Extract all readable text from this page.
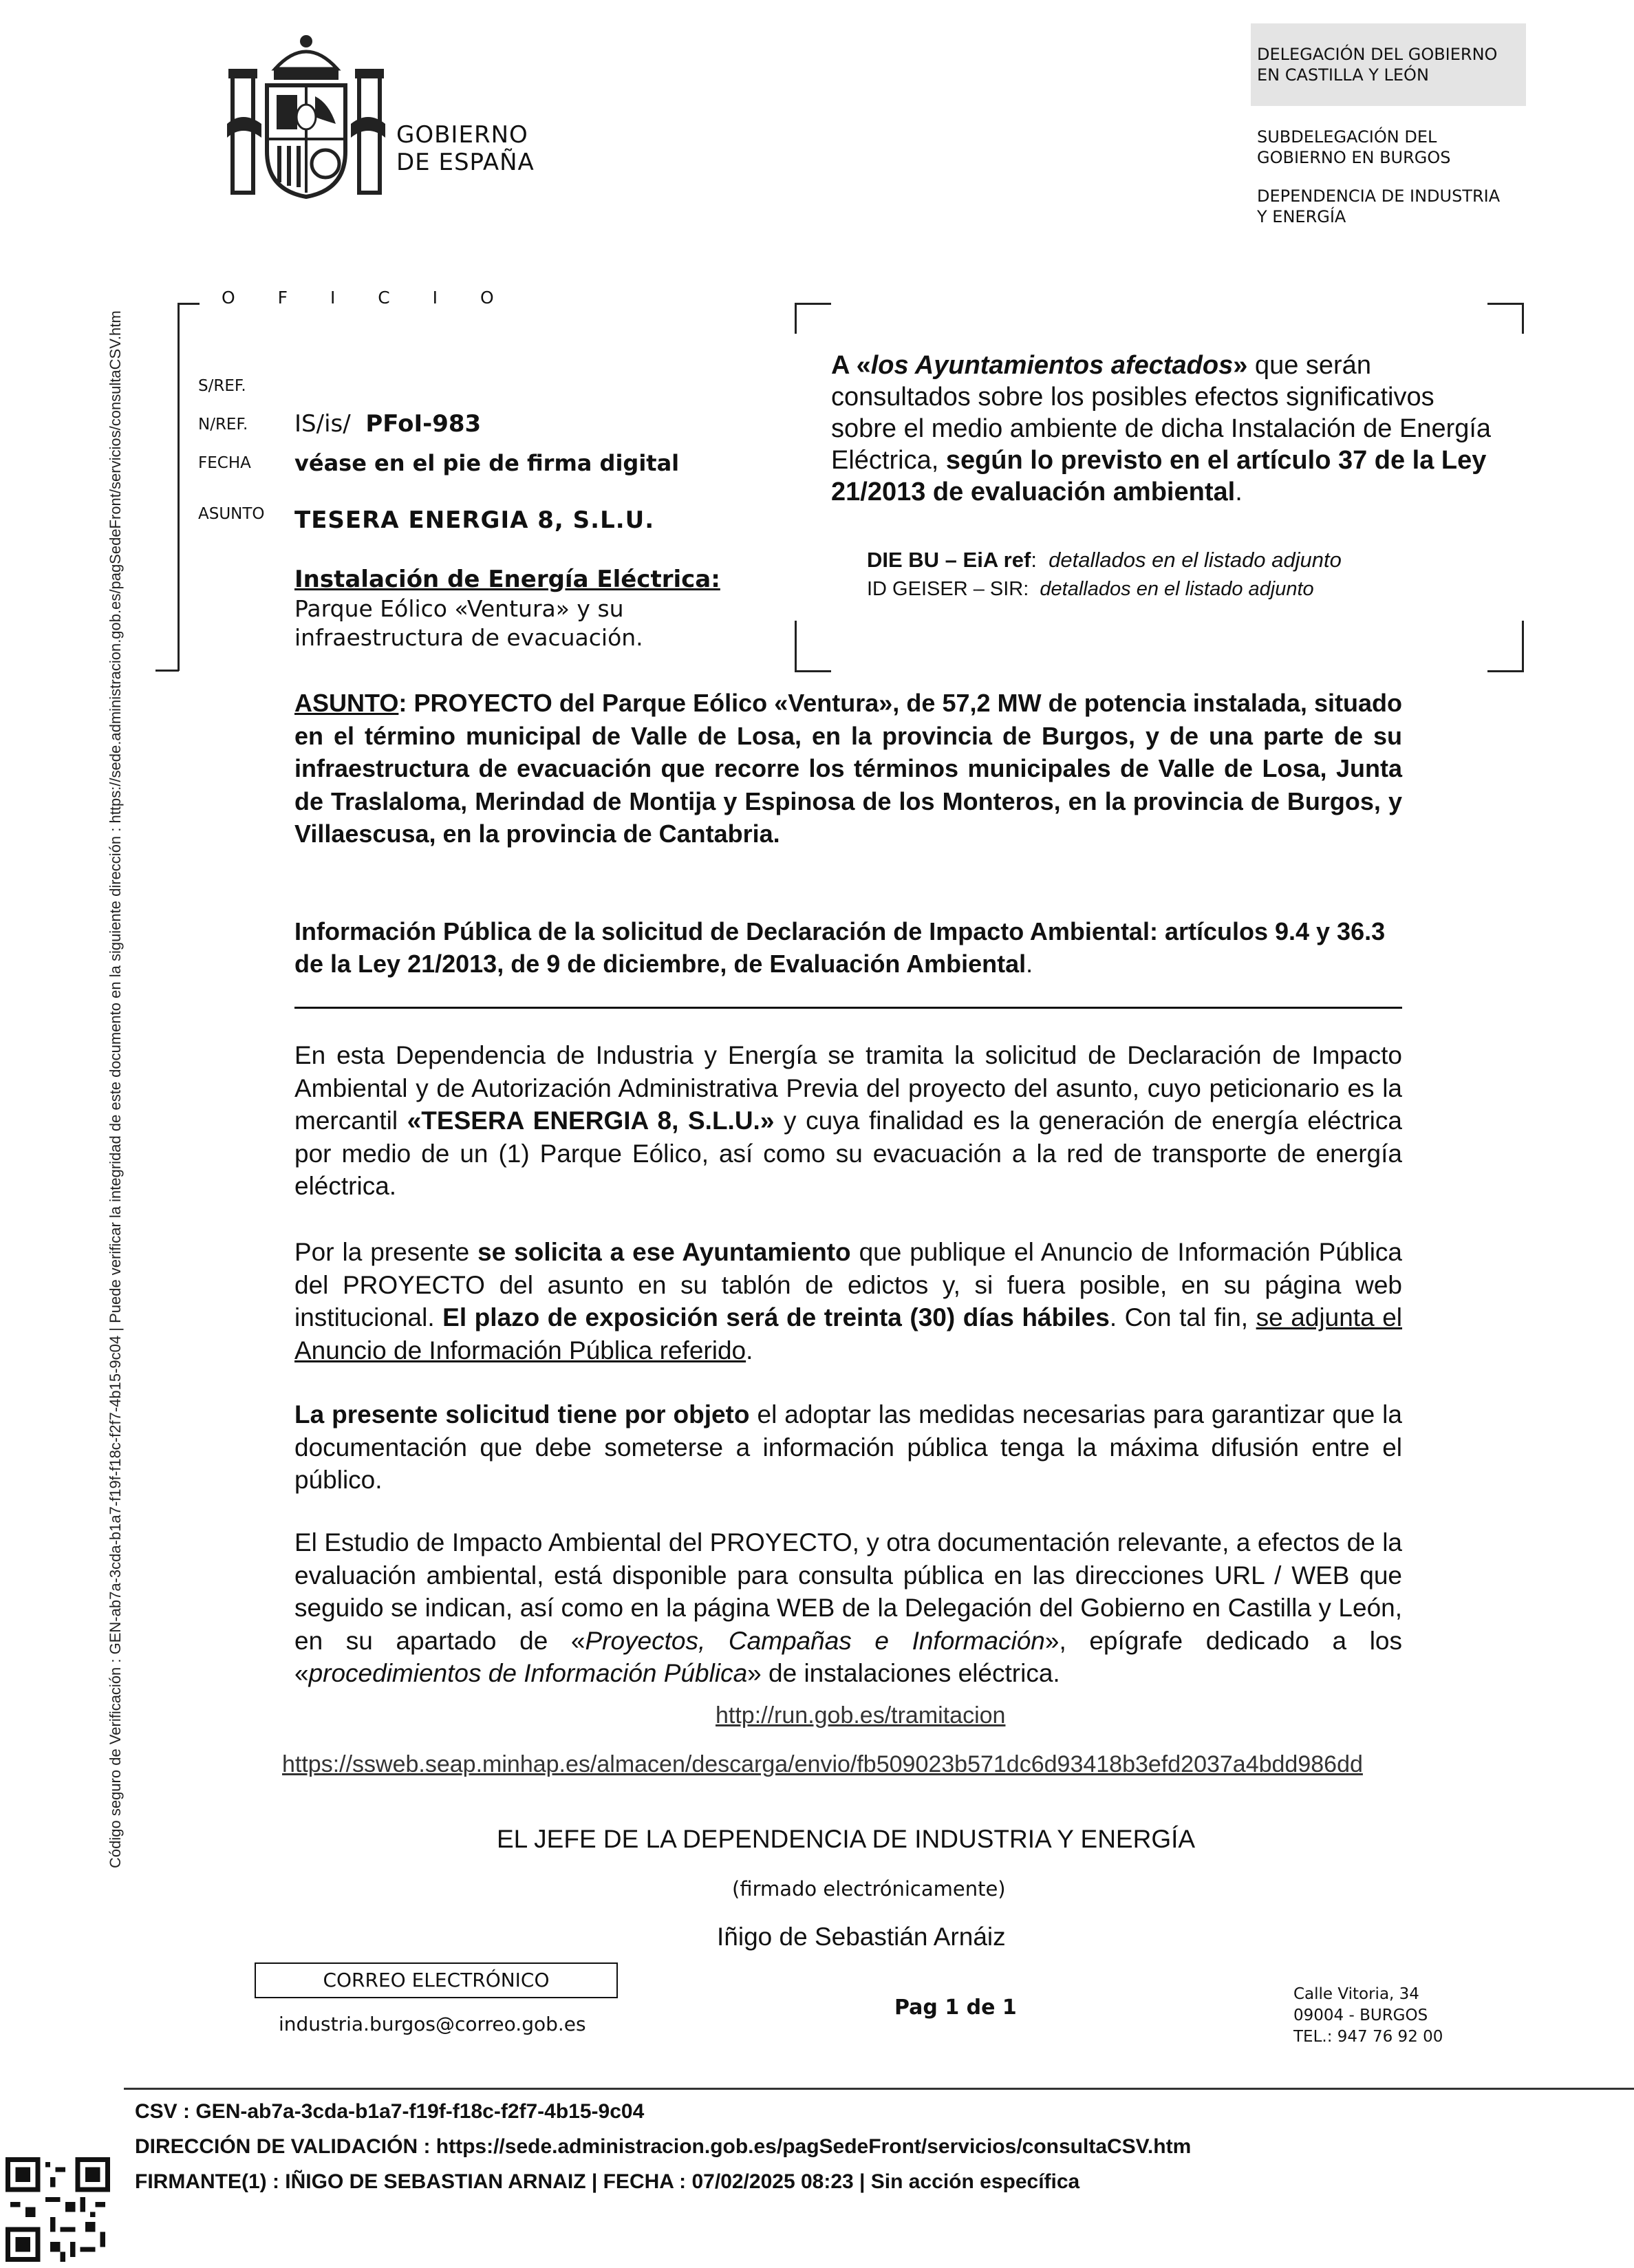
Código seguro de Verificación : GEN-ab7a-3cda-b1a7-f19f-f18c-f2f7-4b15-9c04 | Puede verificar la integridad de este documento en la siguiente dirección : https://sede.administracion.gob.es/pagSedeFront/servicios/consultaCSV.htm
GOBIERNO
DE ESPAÑA
DELEGACIÓN DEL GOBIERNO
EN CASTILLA Y LEÓN
SUBDELEGACIÓN DEL
GOBIERNO EN BURGOS
DEPENDENCIA DE INDUSTRIA
Y ENERGÍA
O F I C I O
S/REF.
N/REF. IS/is/ PFoI-983
FECHA véase en el pie de firma digital
ASUNTO TESERA ENERGIA 8, S.L.U.
Instalación de Energía Eléctrica:
Parque Eólico «Ventura» y su
infraestructura de evacuación.
A «los Ayuntamientos afectados» que serán consultados sobre los posibles efectos significativos sobre el medio ambiente de dicha Instalación de Energía Eléctrica, según lo previsto en el artículo 37 de la Ley 21/2013 de evaluación ambiental.
DIE BU – EiA ref:  detallados en el listado adjunto
ID GEISER – SIR: detallados en el listado adjunto
ASUNTO: PROYECTO del Parque Eólico «Ventura», de 57,2 MW de potencia instalada, situado en el término municipal de Valle de Losa, en la provincia de Burgos, y de una parte de su infraestructura de evacuación que recorre los términos municipales de Valle de Losa, Junta de Traslaloma, Merindad de Montija y Espinosa de los Monteros, en la provincia de Burgos, y Villaescusa, en la provincia de Cantabria.
Información Pública de la solicitud de Declaración de Impacto Ambiental: artículos 9.4 y 36.3 de la Ley 21/2013, de 9 de diciembre, de Evaluación Ambiental.
En esta Dependencia de Industria y Energía se tramita la solicitud de Declaración de Impacto Ambiental y de Autorización Administrativa Previa del proyecto del asunto, cuyo peticionario es la mercantil «TESERA ENERGIA 8, S.L.U.» y cuya finalidad es la generación de energía eléctrica por medio de un (1) Parque Eólico, así como su evacuación a la red de transporte de energía eléctrica.
Por la presente se solicita a ese Ayuntamiento que publique el Anuncio de Información Pública del PROYECTO del asunto en su tablón de edictos y, si fuera posible, en su página web institucional. El plazo de exposición será de treinta (30) días hábiles. Con tal fin, se adjunta el Anuncio de Información Pública referido.
La presente solicitud tiene por objeto el adoptar las medidas necesarias para garantizar que la documentación que debe someterse a información pública tenga la máxima difusión entre el público.
El Estudio de Impacto Ambiental del PROYECTO, y otra documentación relevante, a efectos de la evaluación ambiental, está disponible para consulta pública en las direcciones URL / WEB que seguido se indican, así como en la página WEB de la Delegación del Gobierno en Castilla y León, en su apartado de «Proyectos, Campañas e Información», epígrafe dedicado a los «procedimientos de Información Pública» de instalaciones eléctrica.
http://run.gob.es/tramitacion
https://ssweb.seap.minhap.es/almacen/descarga/envio/fb509023b571dc6d93418b3efd2037a4bdd986dd
EL JEFE DE LA DEPENDENCIA DE INDUSTRIA Y ENERGÍA
(firmado electrónicamente)
Iñigo de Sebastián Arnáiz
CORREO ELECTRÓNICO
industria.burgos@correo.gob.es
Pag 1 de 1
Calle Vitoria, 34
09004 - BURGOS
TEL.: 947 76 92 00
CSV : GEN-ab7a-3cda-b1a7-f19f-f18c-f2f7-4b15-9c04
DIRECCIÓN DE VALIDACIÓN : https://sede.administracion.gob.es/pagSedeFront/servicios/consultaCSV.htm
FIRMANTE(1) : IÑIGO DE SEBASTIAN ARNAIZ | FECHA : 07/02/2025 08:23 | Sin acción específica
